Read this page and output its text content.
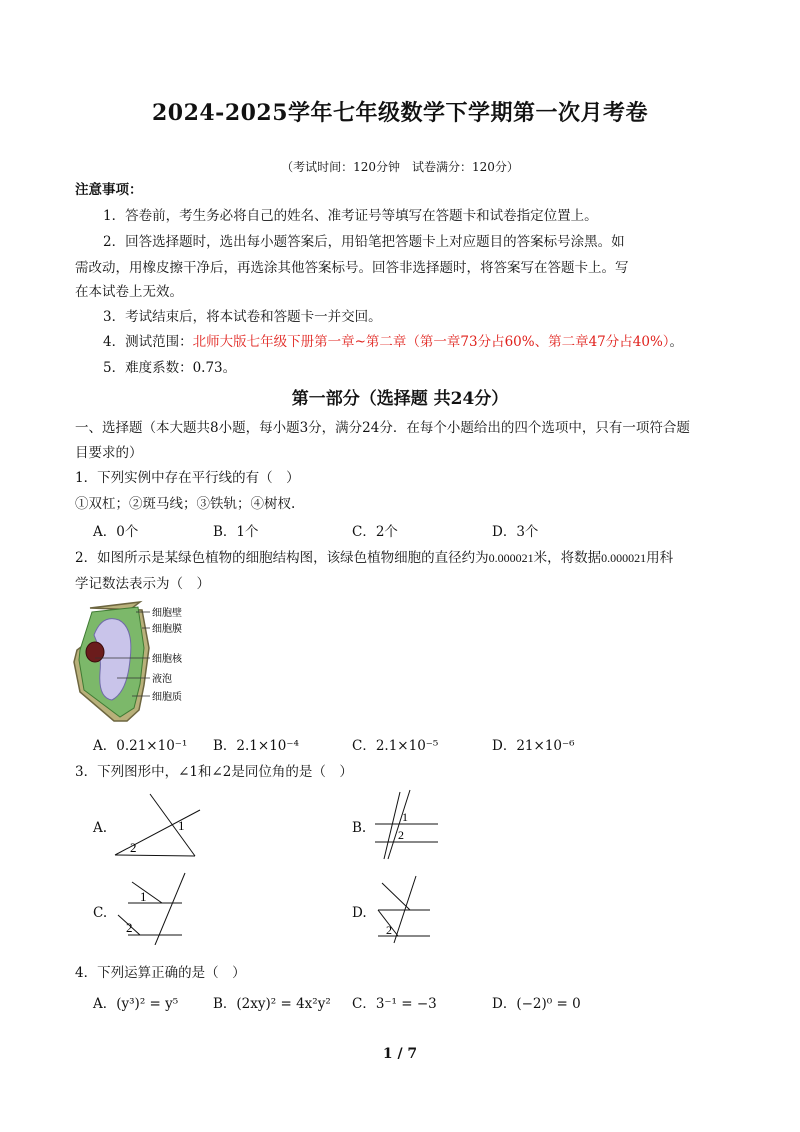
2024-2025学年七年级数学下学期第一次月考卷
（考试时间：120分钟　试卷满分：120分）
注意事项：
1．答卷前，考生务必将自己的姓名、准考证号等填写在答题卡和试卷指定位置上。
2．回答选择题时，选出每小题答案后，用铅笔把答题卡上对应题目的答案标号涂黑。如
需改动，用橡皮擦干净后，再选涂其他答案标号。回答非选择题时，将答案写在答题卡上。写
在本试卷上无效。
3．考试结束后，将本试卷和答题卡一并交回。
4．测试范围：北师大版七年级下册第一章~第二章（第一章73分占60%、第二章47分占40%）。
5．难度系数：0.73。
第一部分（选择题 共24分）
一、选择题（本大题共8小题，每小题3分，满分24分．在每个小题给出的四个选项中，只有一项符合题
目要求的）
1．下列实例中存在平行线的有（　）
①双杠；②斑马线；③铁轨；④树杈.
A．0个	B．1个	C．2个	D．3个
2．如图所示是某绿色植物的细胞结构图，该绿色植物细胞的直径约为0.000021米，将数据0.000021用科
学记数法表示为（　）
细胞壁
细胞膜
细胞核
液泡
细胞质
A．0.21×10⁻¹ B．2.1×10⁻⁴	C．2.1×10⁻⁵	D．21×10⁻⁶
3．下列图形中，∠1和∠2是同位角的是（　）
A.	B.
C.	D.
1
2
1
2
1
2	2
4．下列运算正确的是（　）
A．(y³)² = y⁵	B．(2xy)² = 4x²y² C．3⁻¹ = −3	D．(−2)⁰ = 0
1 / 7
